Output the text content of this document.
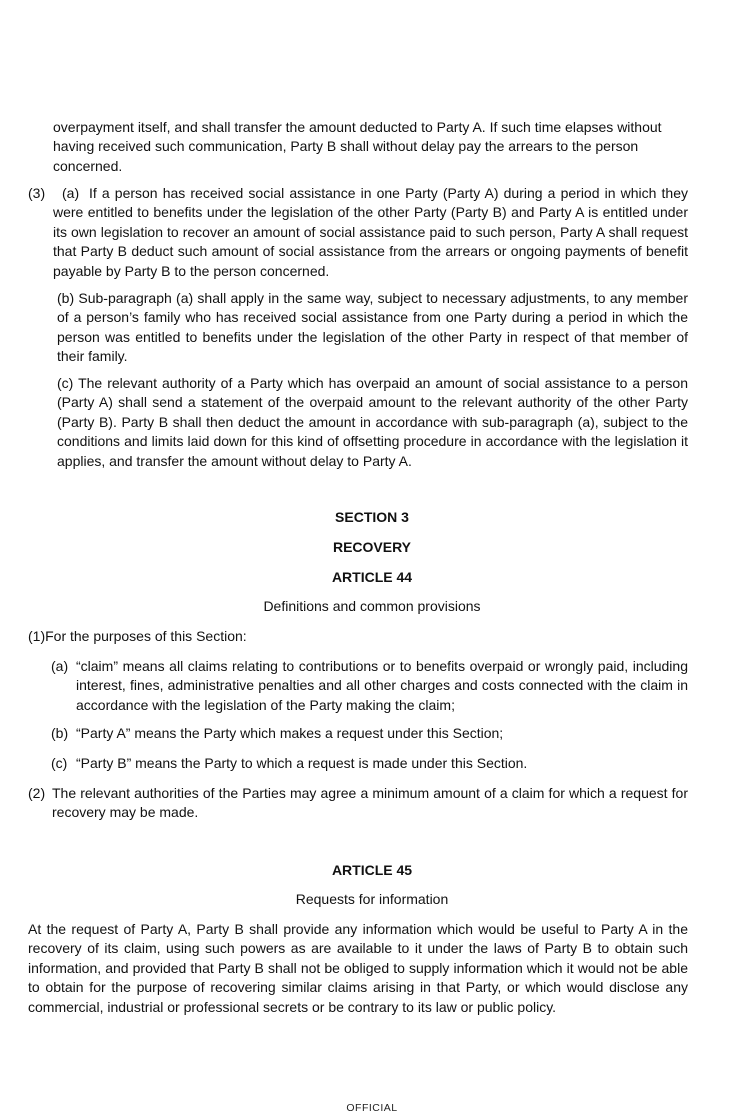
overpayment itself, and shall transfer the amount deducted to Party A. If such time elapses without having received such communication, Party B shall without delay pay the arrears to the person concerned.

(3) (a) If a person has received social assistance in one Party (Party A) during a period in which they were entitled to benefits under the legislation of the other Party (Party B) and Party A is entitled under its own legislation to recover an amount of social assistance paid to such person, Party A shall request that Party B deduct such amount of social assistance from the arrears or ongoing payments of benefit payable by Party B to the person concerned.

(b) Sub-paragraph (a) shall apply in the same way, subject to necessary adjustments, to any member of a person’s family who has received social assistance from one Party during a period in which the person was entitled to benefits under the legislation of the other Party in respect of that member of their family.

(c) The relevant authority of a Party which has overpaid an amount of social assistance to a person (Party A) shall send a statement of the overpaid amount to the relevant authority of the other Party (Party B). Party B shall then deduct the amount in accordance with sub-paragraph (a), subject to the conditions and limits laid down for this kind of offsetting procedure in accordance with the legislation it applies, and transfer the amount without delay to Party A.

SECTION 3

RECOVERY

ARTICLE 44

Definitions and common provisions

(1)For the purposes of this Section:

(a) “claim” means all claims relating to contributions or to benefits overpaid or wrongly paid, including interest, fines, administrative penalties and all other charges and costs connected with the claim in accordance with the legislation of the Party making the claim;

(b) “Party A” means the Party which makes a request under this Section;

(c) “Party B” means the Party to which a request is made under this Section.

(2) The relevant authorities of the Parties may agree a minimum amount of a claim for which a request for recovery may be made.

ARTICLE 45

Requests for information

At the request of Party A, Party B shall provide any information which would be useful to Party A in the recovery of its claim, using such powers as are available to it under the laws of Party B to obtain such information, and provided that Party B shall not be obliged to supply information which it would not be able to obtain for the purpose of recovering similar claims arising in that Party, or which would disclose any commercial, industrial or professional secrets or be contrary to its law or public policy.

OFFICIAL
